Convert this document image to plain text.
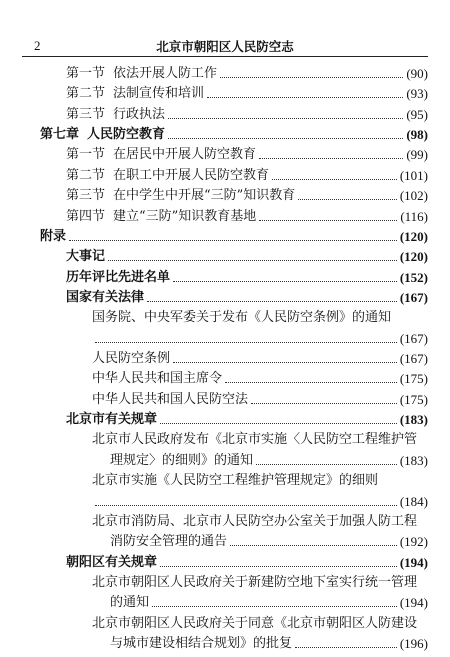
2	北京市朝阳区人民防空志
第一节 依法开展人防工作	(90)
第二节 法制宣传和培训	(93)
第三节 行政执法	(95)
第七章 人民防空教育	(98)
第一节 在居民中开展人防空教育	(99)
第二节 在职工中开展人民防空教育	(101)
第三节 在中学生中开展“三防”知识教育	(102)
第四节 建立“三防”知识教育基地	(116)
附录	(120)
大事记	(120)
历年评比先进名单	(152)
国家有关法律	(167)
国务院、中央军委关于发布《人民防空条例》的通知
(167)
人民防空条例	(167)
中华人民共和国主席令	(175)
中华人民共和国人民防空法	(175)
北京市有关规章	(183)
北京市人民政府发布《北京市实施〈人民防空工程维护管
理规定〉的细则》的通知	(183)
北京市实施《人民防空工程维护管理规定》的细则
(184)
北京市消防局、北京市人民防空办公室关于加强人防工程
消防安全管理的通告	(192)
朝阳区有关规章	(194)
北京市朝阳区人民政府关于新建防空地下室实行统一管理
的通知	(194)
北京市朝阳区人民政府关于同意《北京市朝阳区人防建设
与城市建设相结合规划》的批复	(196)
